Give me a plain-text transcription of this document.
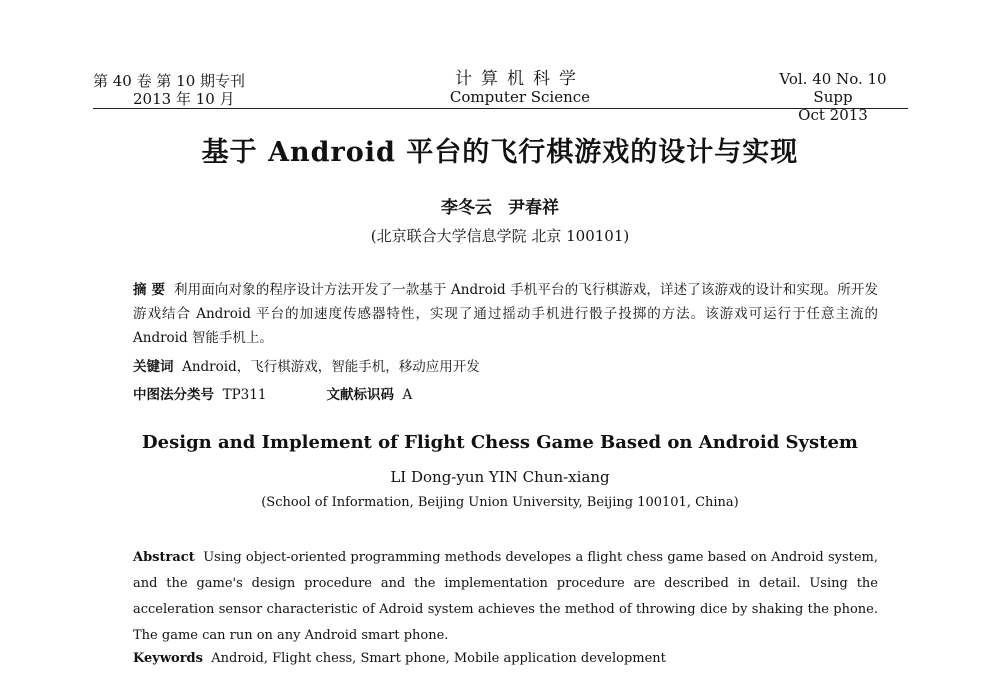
第 40 卷 第 10 期专刊
2013 年 10 月
计算机科学
Computer Science
Vol. 40 No. 10 Supp
Oct 2013
基于 Android 平台的飞行棋游戏的设计与实现
李冬云 尹春祥
(北京联合大学信息学院 北京 100101)
摘 要 利用面向对象的程序设计方法开发了一款基于 Android 手机平台的飞行棋游戏，详述了该游戏的设计和实现。所开发游戏结合 Android 平台的加速度传感器特性，实现了通过摇动手机进行骰子投掷的方法。该游戏可运行于任意主流的 Android 智能手机上。
关键词 Android，飞行棋游戏，智能手机，移动应用开发
中图法分类号 TP311	文献标识码 A
Design and Implement of Flight Chess Game Based on Android System
LI Dong-yun YIN Chun-xiang
(School of Information, Beijing Union University, Beijing 100101, China)
Abstract Using object-oriented programming methods developes a flight chess game based on Android system, and the game's design procedure and the implementation procedure are described in detail. Using the acceleration sensor characteristic of Adroid system achieves the method of throwing dice by shaking the phone. The game can run on any Android smart phone.
Keywords Android, Flight chess, Smart phone, Mobile application development
